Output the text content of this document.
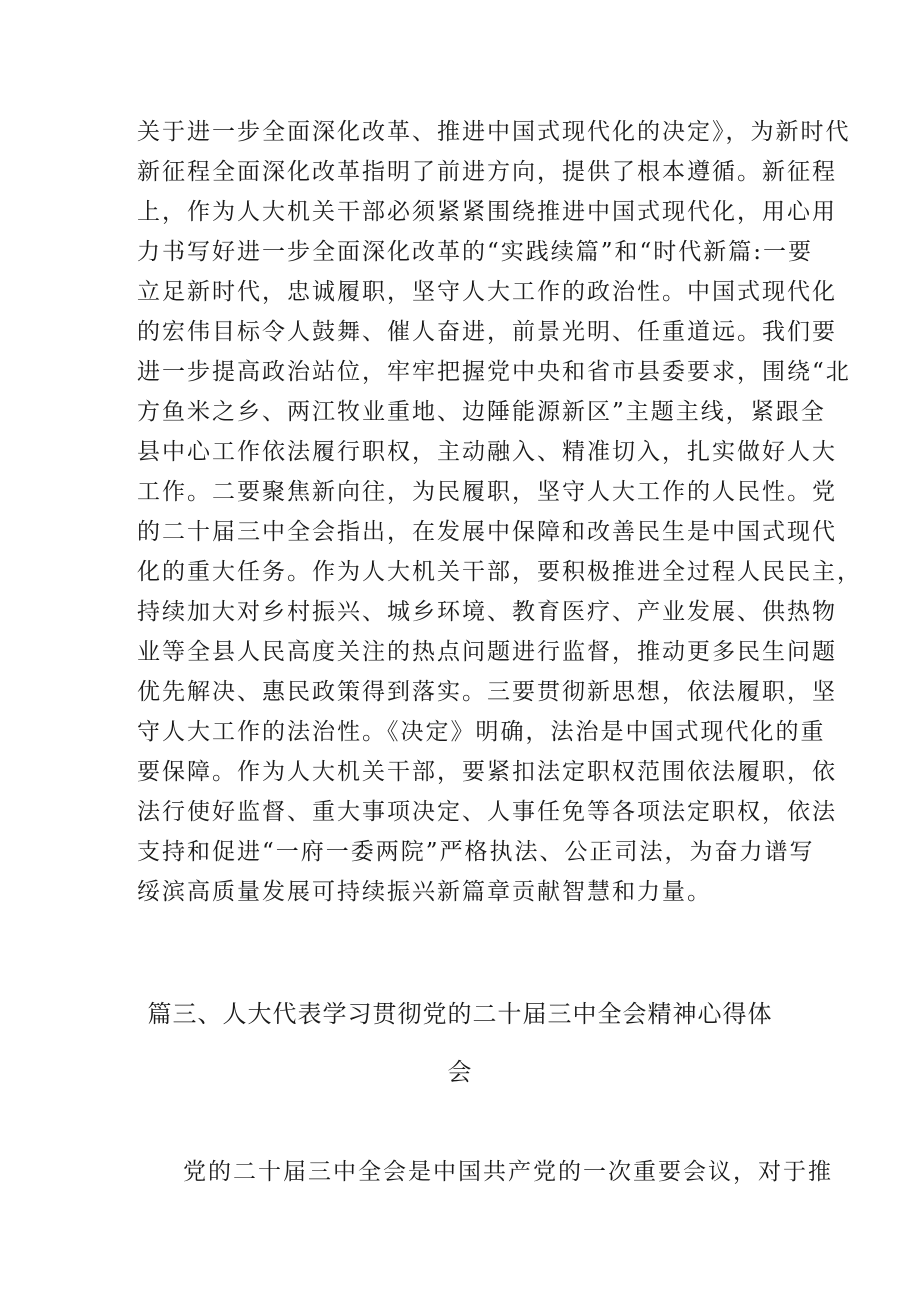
关于进一步全面深化改革、推进中国式现代化的决定》，为新时代
新征程全面深化改革指明了前进方向，提供了根本遵循。新征程
上，作为人大机关干部必须紧紧围绕推进中国式现代化，用心用
力书写好进一步全面深化改革的“实践续篇”和“时代新篇:一要
立足新时代，忠诚履职，坚守人大工作的政治性。中国式现代化
的宏伟目标令人鼓舞、催人奋进，前景光明、任重道远。我们要
进一步提高政治站位，牢牢把握党中央和省市县委要求，围绕“北
方鱼米之乡、两江牧业重地、边陲能源新区”主题主线，紧跟全
县中心工作依法履行职权，主动融入、精准切入，扎实做好人大
工作。二要聚焦新向往，为民履职，坚守人大工作的人民性。党
的二十届三中全会指出，在发展中保障和改善民生是中国式现代
化的重大任务。作为人大机关干部，要积极推进全过程人民民主，
持续加大对乡村振兴、城乡环境、教育医疗、产业发展、供热物
业等全县人民高度关注的热点问题进行监督，推动更多民生问题
优先解决、惠民政策得到落实。三要贯彻新思想，依法履职，坚
守人大工作的法治性。《决定》明确，法治是中国式现代化的重
要保障。作为人大机关干部，要紧扣法定职权范围依法履职，依
法行使好监督、重大事项决定、人事任免等各项法定职权，依法
支持和促进“一府一委两院”严格执法、公正司法，为奋力谱写
绥滨高质量发展可持续振兴新篇章贡献智慧和力量。
篇三、人大代表学习贯彻党的二十届三中全会精神心得体
会
党的二十届三中全会是中国共产党的一次重要会议，对于推
